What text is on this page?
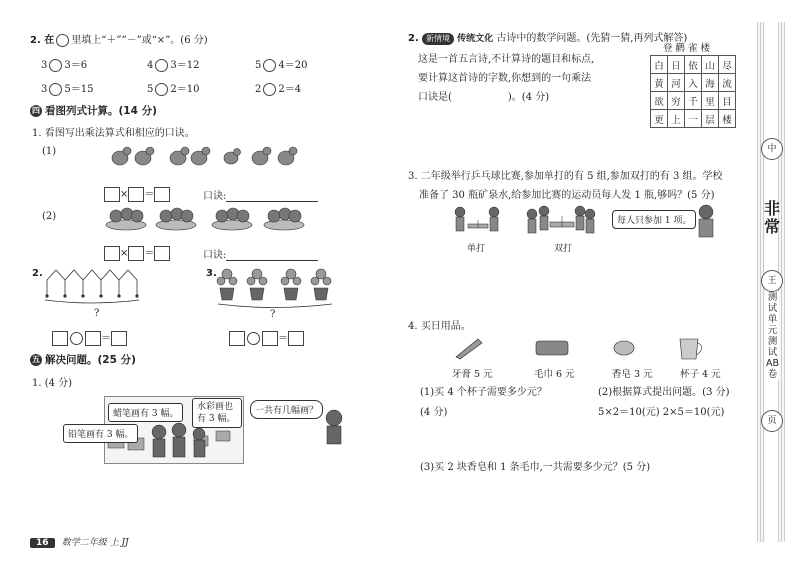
2. 在 里填上“＋”“－”或“×”。(6 分)
3 3＝6	4 3＝12	5 4＝20
3 5＝15	5 2＝10	2 2＝4
四 看图列式计算。(14 分)
1. 看图写出乘法算式和相应的口诀。
(1)
× ＝	口诀:
(2)
× ＝	口诀:
2.
?
＝
3.
?
＝
五 解决问题。(25 分)
1. (4 分)
蜡笔画有 3 幅。
水彩画也有 3 幅。
铅笔画有 3 幅。
一共有几幅画？
16 数学二年级 上 JJ
2. 新情境 传统文化 古诗中的数学问题。(先猜一猜,再列式解答)
这是一首五言诗,不计算诗的题目和标点,
要计算这首诗的字数,你想到的一句乘法
口诀是(	)。(4 分)
登 鹳 雀 楼
白	日	依	山	尽
黄	河	入	海	流
欲	穷	千	里	目
更	上	一	层	楼
3. 二年级举行乒乓球比赛,参加单打的有 5 组,参加双打的有 3 组。学校
准备了 30 瓶矿泉水,给参加比赛的运动员每人发 1 瓶,够吗？(5 分)
单打	双打
每人只参加 1 项。
4. 买日用品。
牙膏 5 元	毛巾 6 元	香皂 3 元	杯子 4 元
(1)买 4 个杯子需要多少元？
(4 分)
(2)根据算式提出问题。(3 分)
5×2＝10(元) 2×5＝10(元)
(3)买 2 块香皂和 1 条毛巾,一共需要多少元？(5 分)
中
非常
王
测试单元测试AB卷
页
